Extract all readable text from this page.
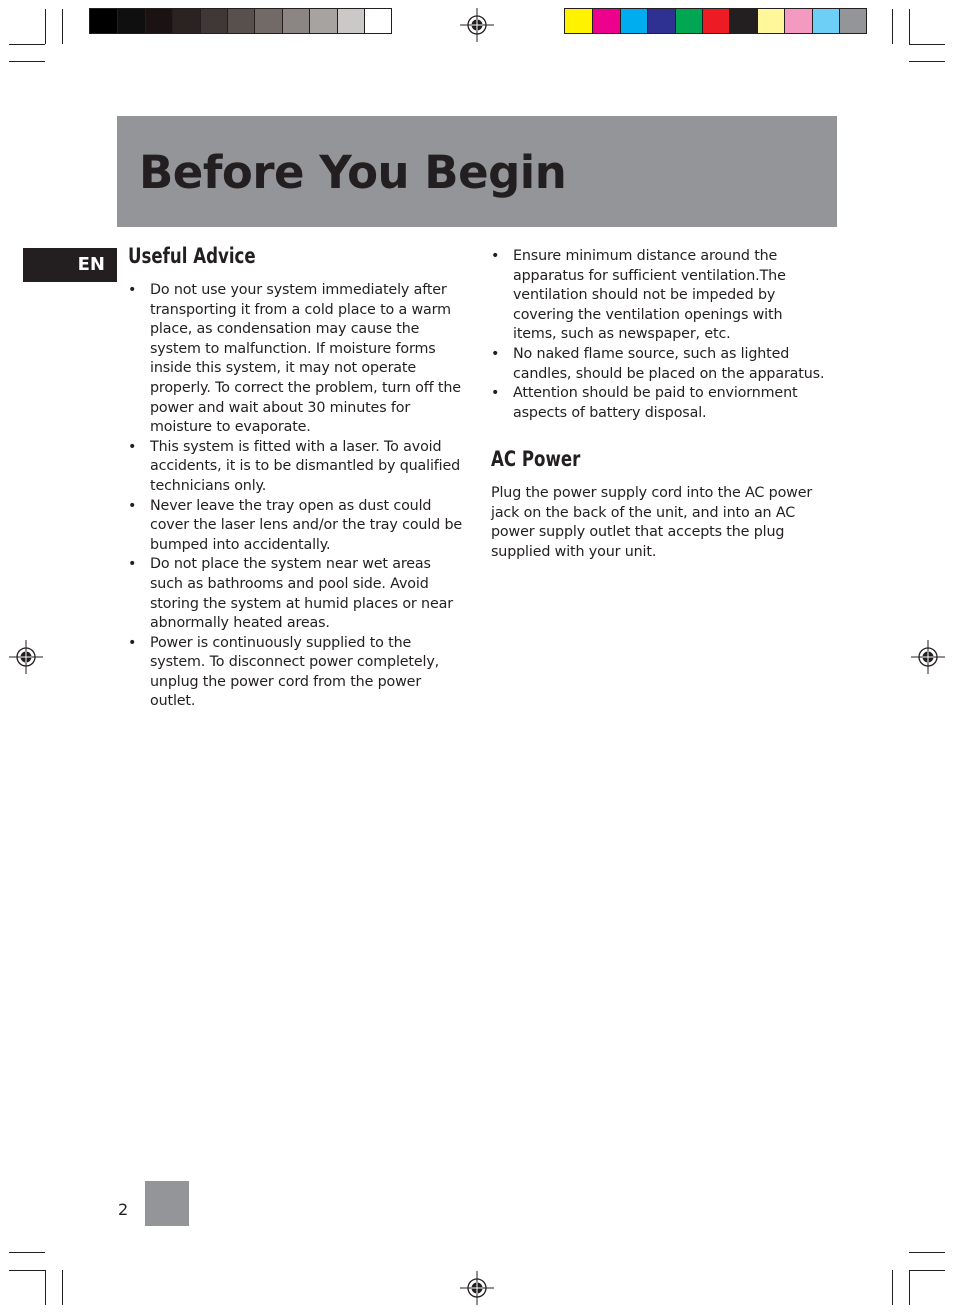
Before You Begin
EN	Useful Advice
• Do not use your system immediately after transporting it from a cold place to a warm place, as condensation may cause the system to malfunction. If moisture forms inside this system, it may not operate properly. To correct the problem, turn off the power and wait about 30 minutes for moisture to evaporate.
• This system is fitted with a laser. To avoid accidents, it is to be dismantled by qualified technicians only.
• Never leave the tray open as dust could cover the laser lens and/or the tray could be bumped into accidentally.
• Do not place the system near wet areas such as bathrooms and pool side. Avoid storing the system at humid places or near abnormally heated areas.
• Power is continuously supplied to the system. To disconnect power completely, unplug the power cord from the power outlet.
• Ensure minimum distance around the apparatus for sufficient ventilation.The ventilation should not be impeded by covering the ventilation openings with items, such as newspaper, etc.
• No naked flame source, such as lighted candles, should be placed on the apparatus.
• Attention should be paid to enviornment aspects of battery disposal.
AC Power

Plug the power supply cord into the AC power jack on the back of the unit, and into an AC power supply outlet that accepts the plug supplied with your unit.

2
